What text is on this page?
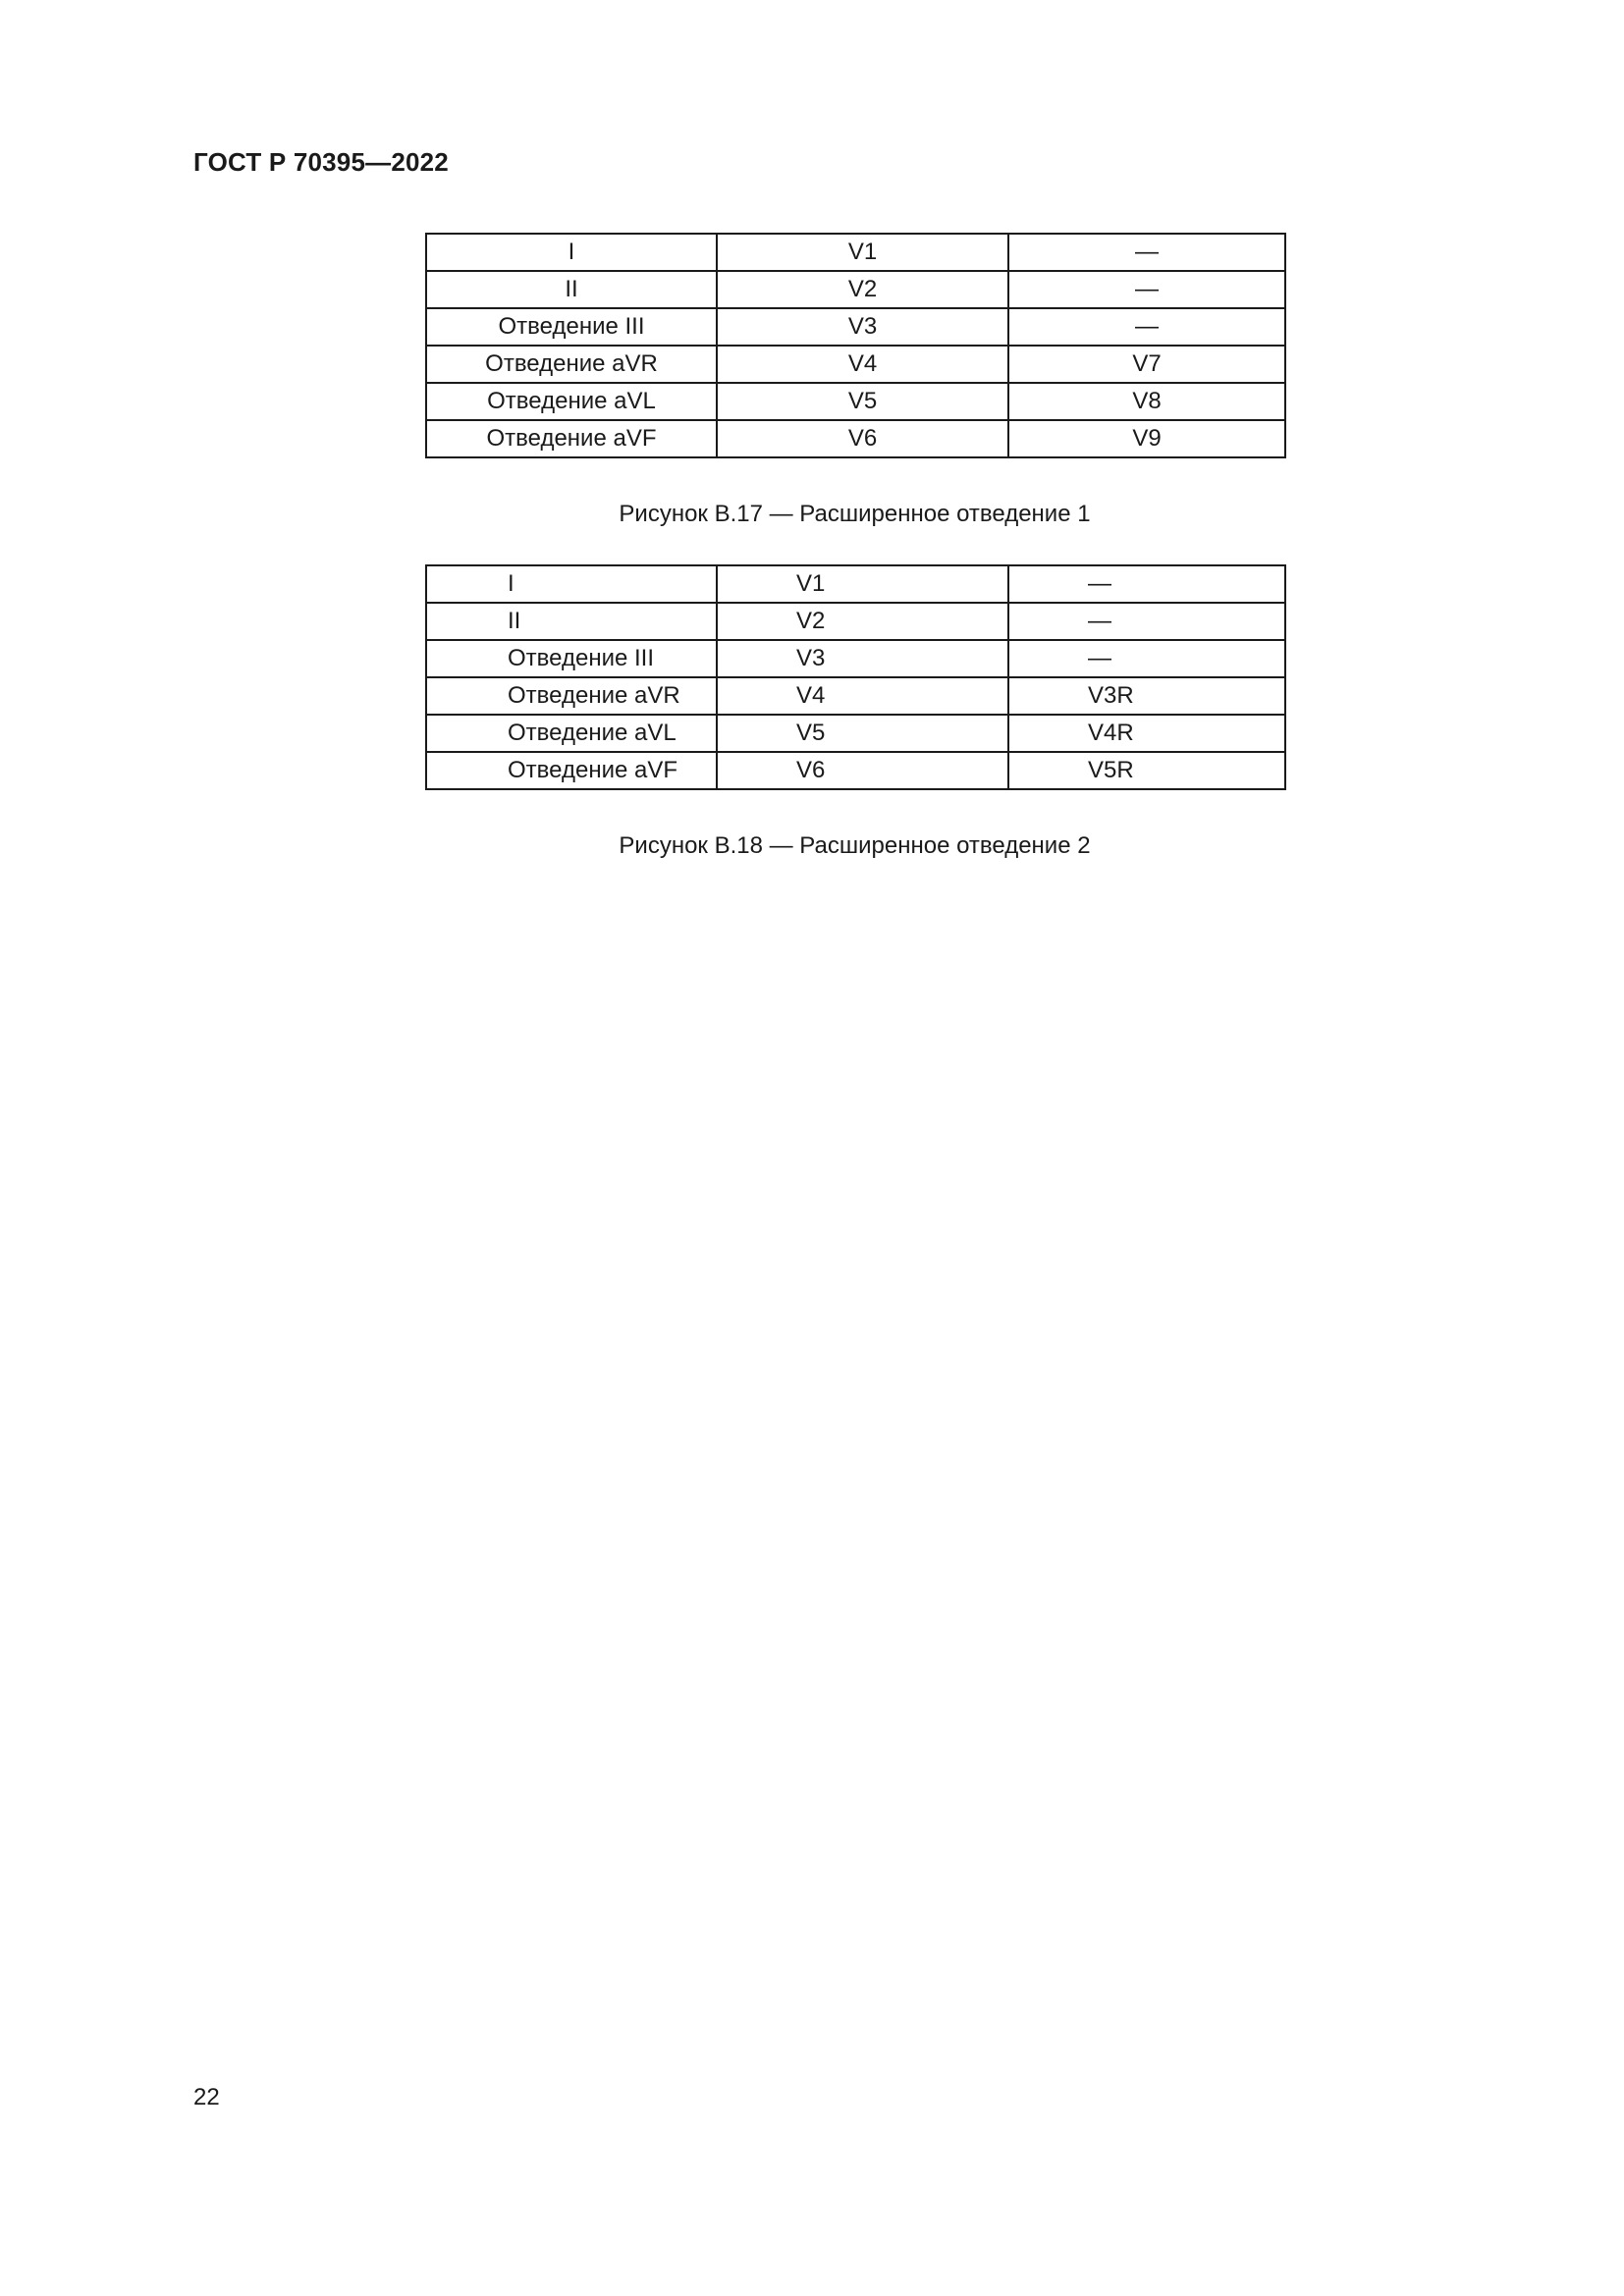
ГОСТ Р 70395—2022
I	V1	—
II	V2	—
Отведение III	V3	—
Отведение aVR	V4	V7
Отведение aVL	V5	V8
Отведение aVF	V6	V9
Рисунок В.17 — Расширенное отведение 1
I	V1	—
II	V2	—
Отведение III	V3	—
Отведение aVR	V4	V3R
Отведение aVL	V5	V4R
Отведение aVF	V6	V5R
Рисунок В.18 — Расширенное отведение 2
22
